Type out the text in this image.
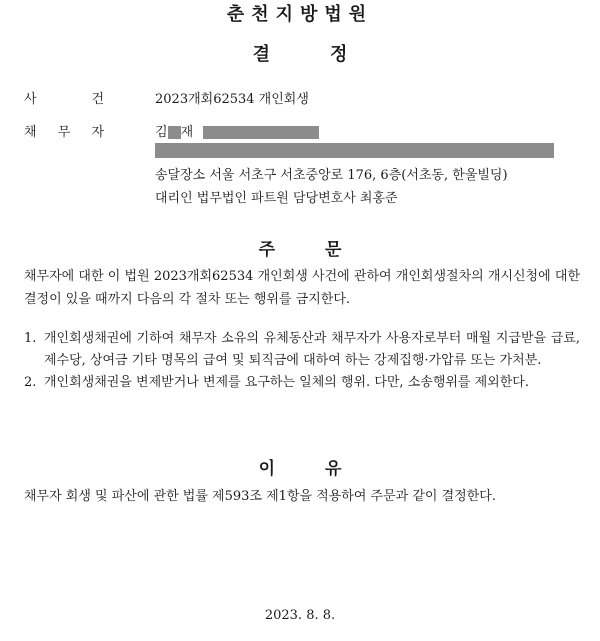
춘천지방법원
결정
사	건	2023개회62534 개인회생
채 무 자	김 재
송달장소 서울 서초구 서초중앙로 176, 6층(서초동, 한울빌딩)
대리인 법무법인 파트원 담당변호사 최홍준
주문
채무자에 대한 이 법원 2023개회62534 개인회생 사건에 관하여 개인회생절차의 개시신청에 대한 결정이 있을 때까지 다음의 각 절차 또는 행위를 금지한다.
1. 개인회생채권에 기하여 채무자 소유의 유체동산과 채무자가 사용자로부터 매월 지급받을 급료, 제수당, 상여금 기타 명목의 급여 및 퇴직금에 대하여 하는 강제집행·가압류 또는 가처분.
2. 개인회생채권을 변제받거나 변제를 요구하는 일체의 행위. 다만, 소송행위를 제외한다.
이유
채무자 회생 및 파산에 관한 법률 제593조 제1항을 적용하여 주문과 같이 결정한다.
2023. 8. 8.
